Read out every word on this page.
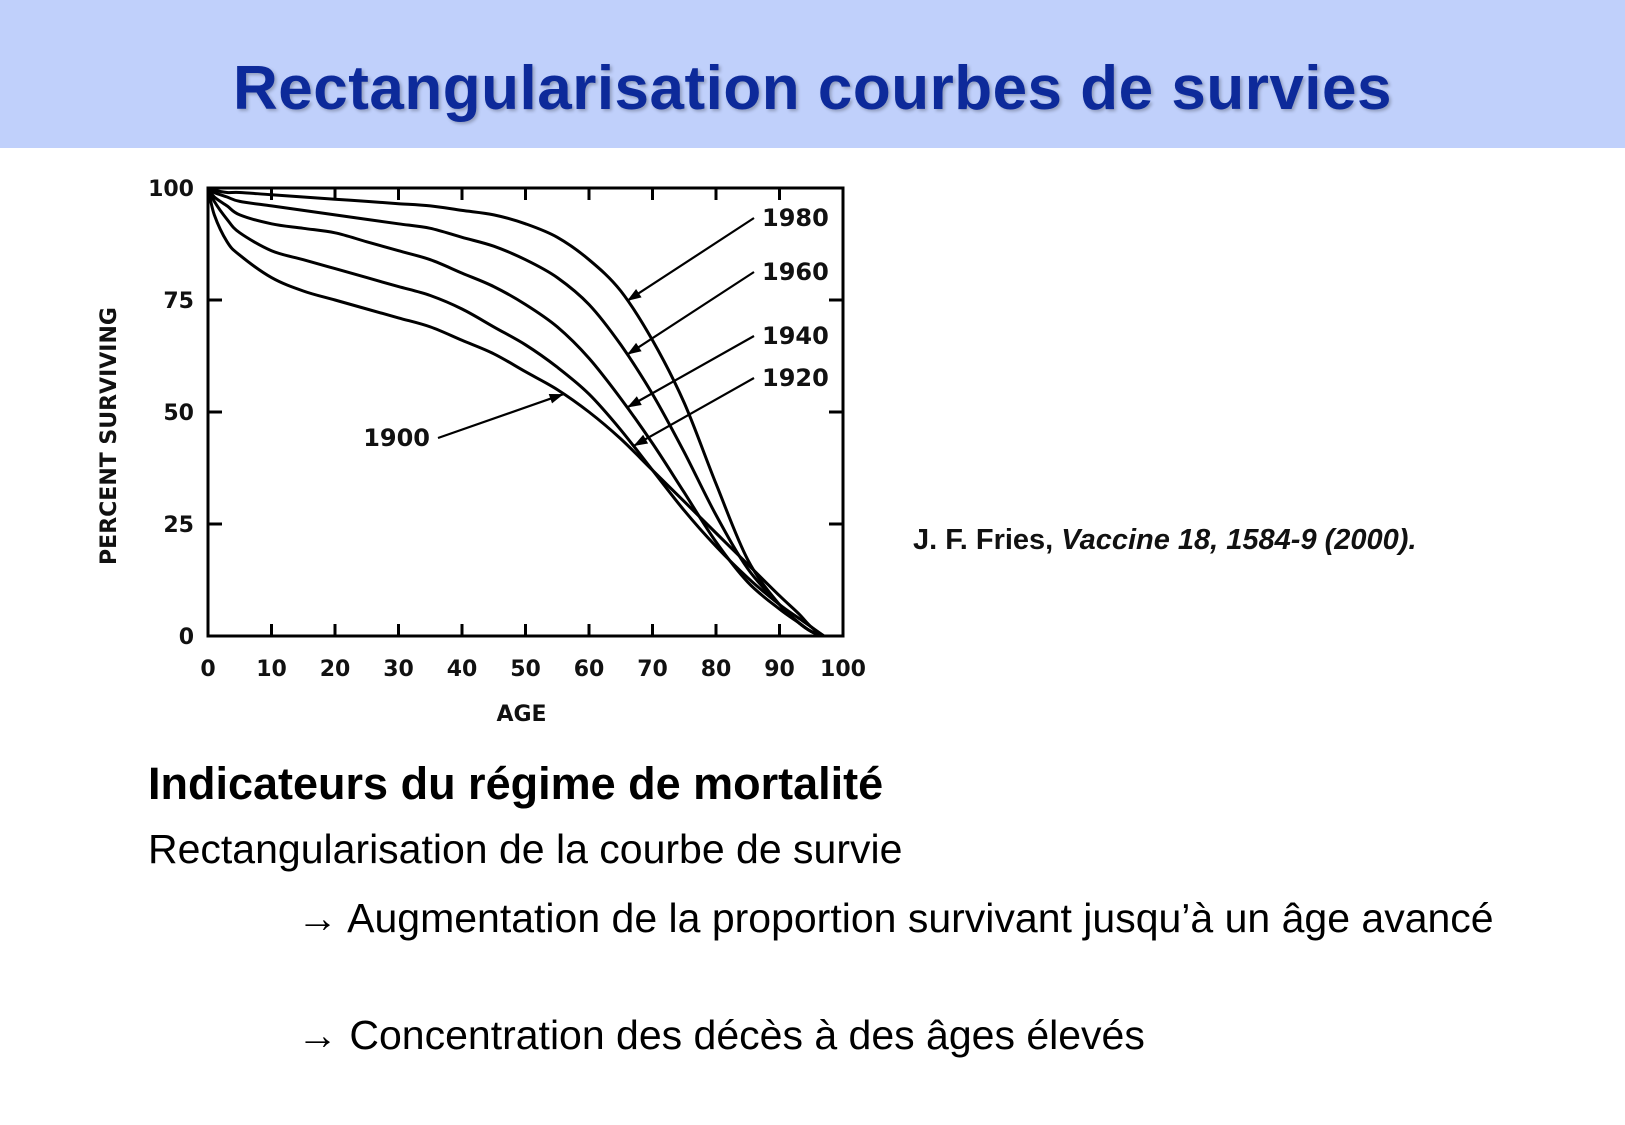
Rectangularisation courbes de survies
0 10 20 30 40 50 60 70 80 90 100
0
25
50
75
100
AGE
PERCENT SURVIVING
1980
1960
1940
1920
1900
J. F. Fries, Vaccine 18, 1584-9 (2000).
Indicateurs du régime de mortalité
Rectangularisation de la courbe de survie
→ Augmentation de la proportion survivant jusqu’à un âge avancé
→ Concentration des décès à des âges élevés
